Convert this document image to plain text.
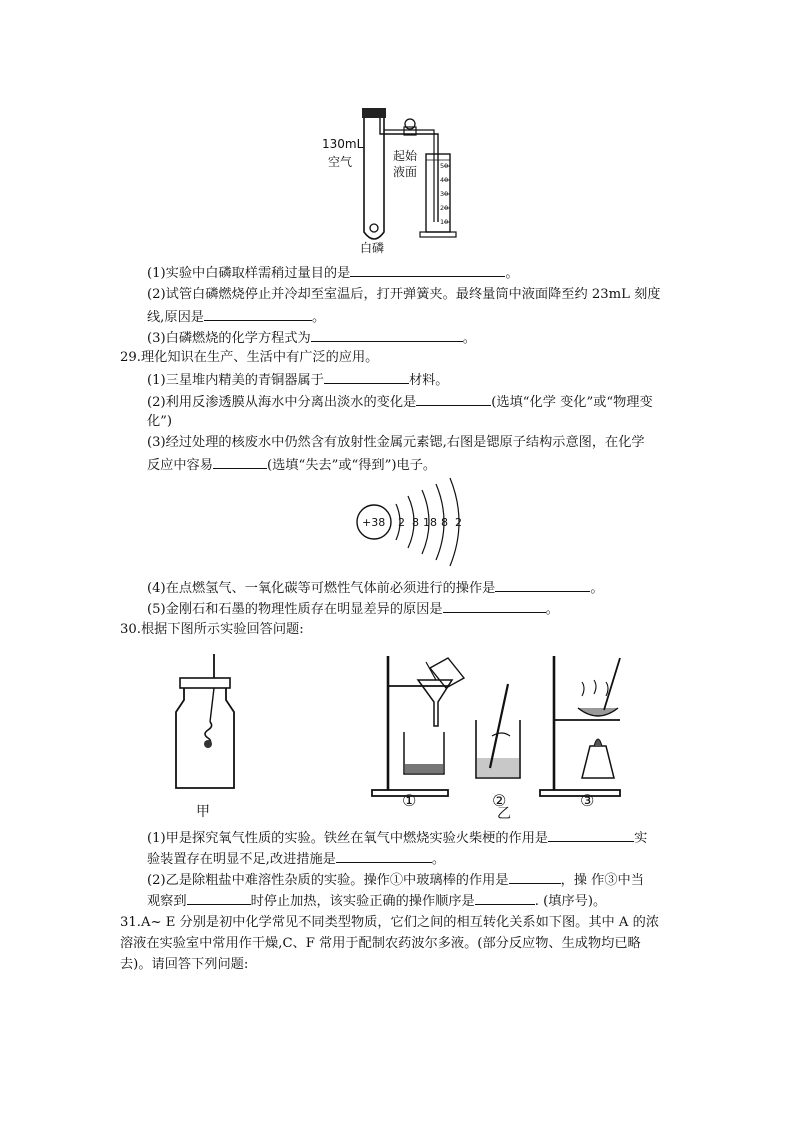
50
40
30
20
10
130mL
空气	起始
液面
白磷
(1)实验中白磷取样需稍过量目的是	。
(2)试管白磷燃烧停止并冷却至室温后，打开弹簧夹。最终量筒中液面降至约 23mL 刻度
线,原因是	。
(3)白磷燃烧的化学方程式为	。
29.理化知识在生产、生活中有广泛的应用。
(1)三星堆内精美的青铜器属于	材料。
(2)利用反渗透膜从海水中分离出淡水的变化是	(选填“化学 变化”或“物理变
化”)
(3)经过处理的核废水中仍然含有放射性金属元素锶,右图是锶原子结构示意图，在化学
反应中容易	(选填“失去”或“得到”)电子。
+38 2 8 18 8 2
(4)在点燃氢气、一氧化碳等可燃性气体前必须进行的操作是	。
(5)金刚石和石墨的物理性质存在明显差异的原因是	。
30.根据下图所示实验回答问题:
甲
①	②	③
乙
(1)甲是探究氧气性质的实验。铁丝在氧气中燃烧实验火柴梗的作用是	实
验装置存在明显不足,改进措施是	。
(2)乙是除粗盐中难溶性杂质的实验。操作①中玻璃棒的作用是	，操 作③中当
观察到	时停止加热，该实验正确的操作顺序是	. (填序号)。
31.A~ E 分别是初中化学常见不同类型物质，它们之间的相互转化关系如下图。其中 A 的浓
溶液在实验室中常用作干燥,C、F 常用于配制农药波尔多液。(部分反应物、生成物均已略
去)。请回答下列问题:
